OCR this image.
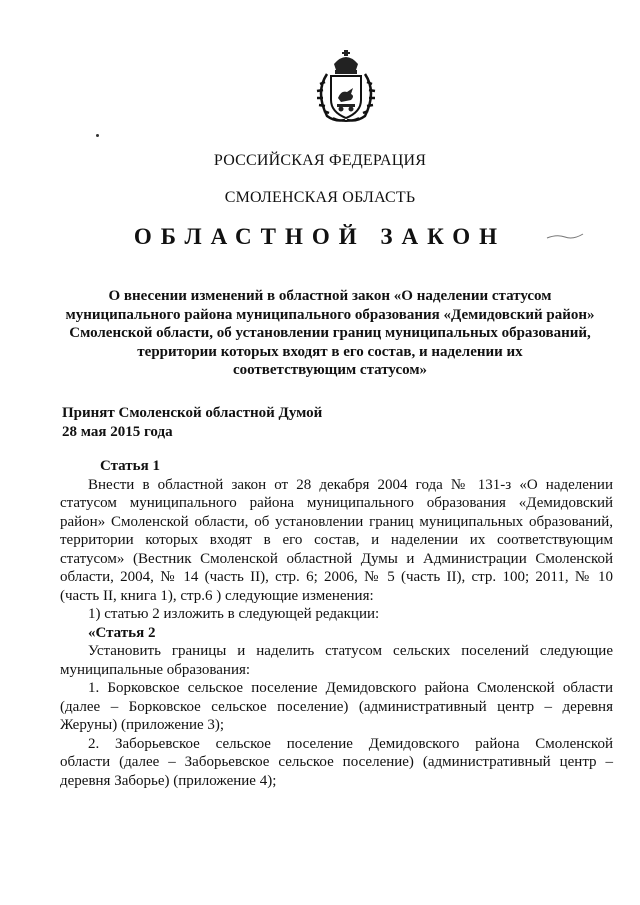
РОССИЙСКАЯ ФЕДЕРАЦИЯ
СМОЛЕНСКАЯ ОБЛАСТЬ
ОБЛАСТНОЙ ЗАКОН
О внесении изменений в областной закон «О наделении статусом
муниципального района муниципального образования «Демидовский район»
Смоленской области, об установлении границ муниципальных образований,
территории которых входят в его состав, и наделении их
соответствующим статусом»
Принят Смоленской областной Думой
28 мая 2015 года
Статья 1
Внести в областной закон от 28 декабря 2004 года № 131-з «О наделении
статусом муниципального района муниципального образования «Демидовский
район» Смоленской области, об установлении границ муниципальных образований,
территории которых входят в его состав, и наделении их соответствующим
статусом» (Вестник Смоленской областной Думы и Администрации Смоленской
области, 2004, № 14 (часть II), стр. 6; 2006, № 5 (часть II), стр. 100; 2011, № 10
(часть II, книга 1), стр.6 ) следующие изменения:
1) статью 2 изложить в следующей редакции:
«Статья 2
Установить границы и наделить статусом сельских поселений следующие
муниципальные образования:
1. Борковское сельское поселение Демидовского района Смоленской области
(далее – Борковское сельское поселение) (административный центр – деревня
Жеруны) (приложение 3);
2. Заборьевское сельское поселение Демидовского района Смоленской
области (далее – Заборьевское сельское поселение) (административный центр –
деревня Заборье) (приложение 4);
